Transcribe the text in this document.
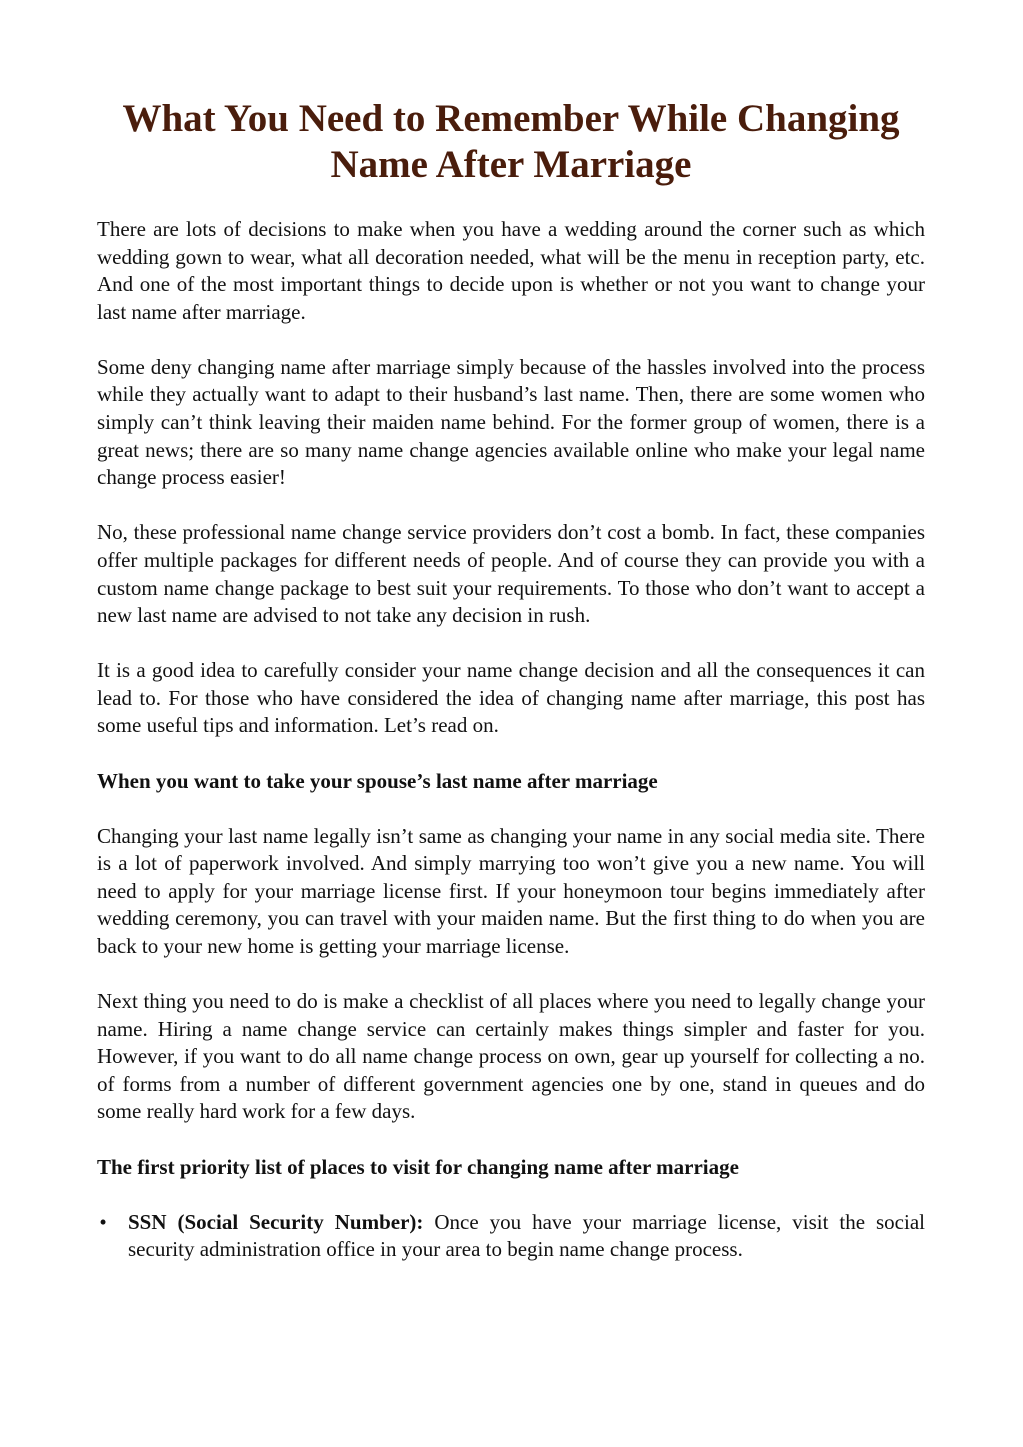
What You Need to Remember While Changing Name After Marriage

There are lots of decisions to make when you have a wedding around the corner such as which wedding gown to wear, what all decoration needed, what will be the menu in reception party, etc. And one of the most important things to decide upon is whether or not you want to change your last name after marriage.

Some deny changing name after marriage simply because of the hassles involved into the process while they actually want to adapt to their husband’s last name. Then, there are some women who simply can’t think leaving their maiden name behind. For the former group of women, there is a great news; there are so many name change agencies available online who make your legal name change process easier!

No, these professional name change service providers don’t cost a bomb. In fact, these companies offer multiple packages for different needs of people. And of course they can provide you with a custom name change package to best suit your requirements. To those who don’t want to accept a new last name are advised to not take any decision in rush.

It is a good idea to carefully consider your name change decision and all the consequences it can lead to. For those who have considered the idea of changing name after marriage, this post has some useful tips and information. Let’s read on.

When you want to take your spouse’s last name after marriage

Changing your last name legally isn’t same as changing your name in any social media site. There is a lot of paperwork involved. And simply marrying too won’t give you a new name. You will need to apply for your marriage license first. If your honeymoon tour begins immediately after wedding ceremony, you can travel with your maiden name. But the first thing to do when you are back to your new home is getting your marriage license.

Next thing you need to do is make a checklist of all places where you need to legally change your name. Hiring a name change service can certainly makes things simpler and faster for you. However, if you want to do all name change process on own, gear up yourself for collecting a no. of forms from a number of different government agencies one by one, stand in queues and do some really hard work for a few days.

The first priority list of places to visit for changing name after marriage

• SSN (Social Security Number): Once you have your marriage license, visit the social security administration office in your area to begin name change process.
